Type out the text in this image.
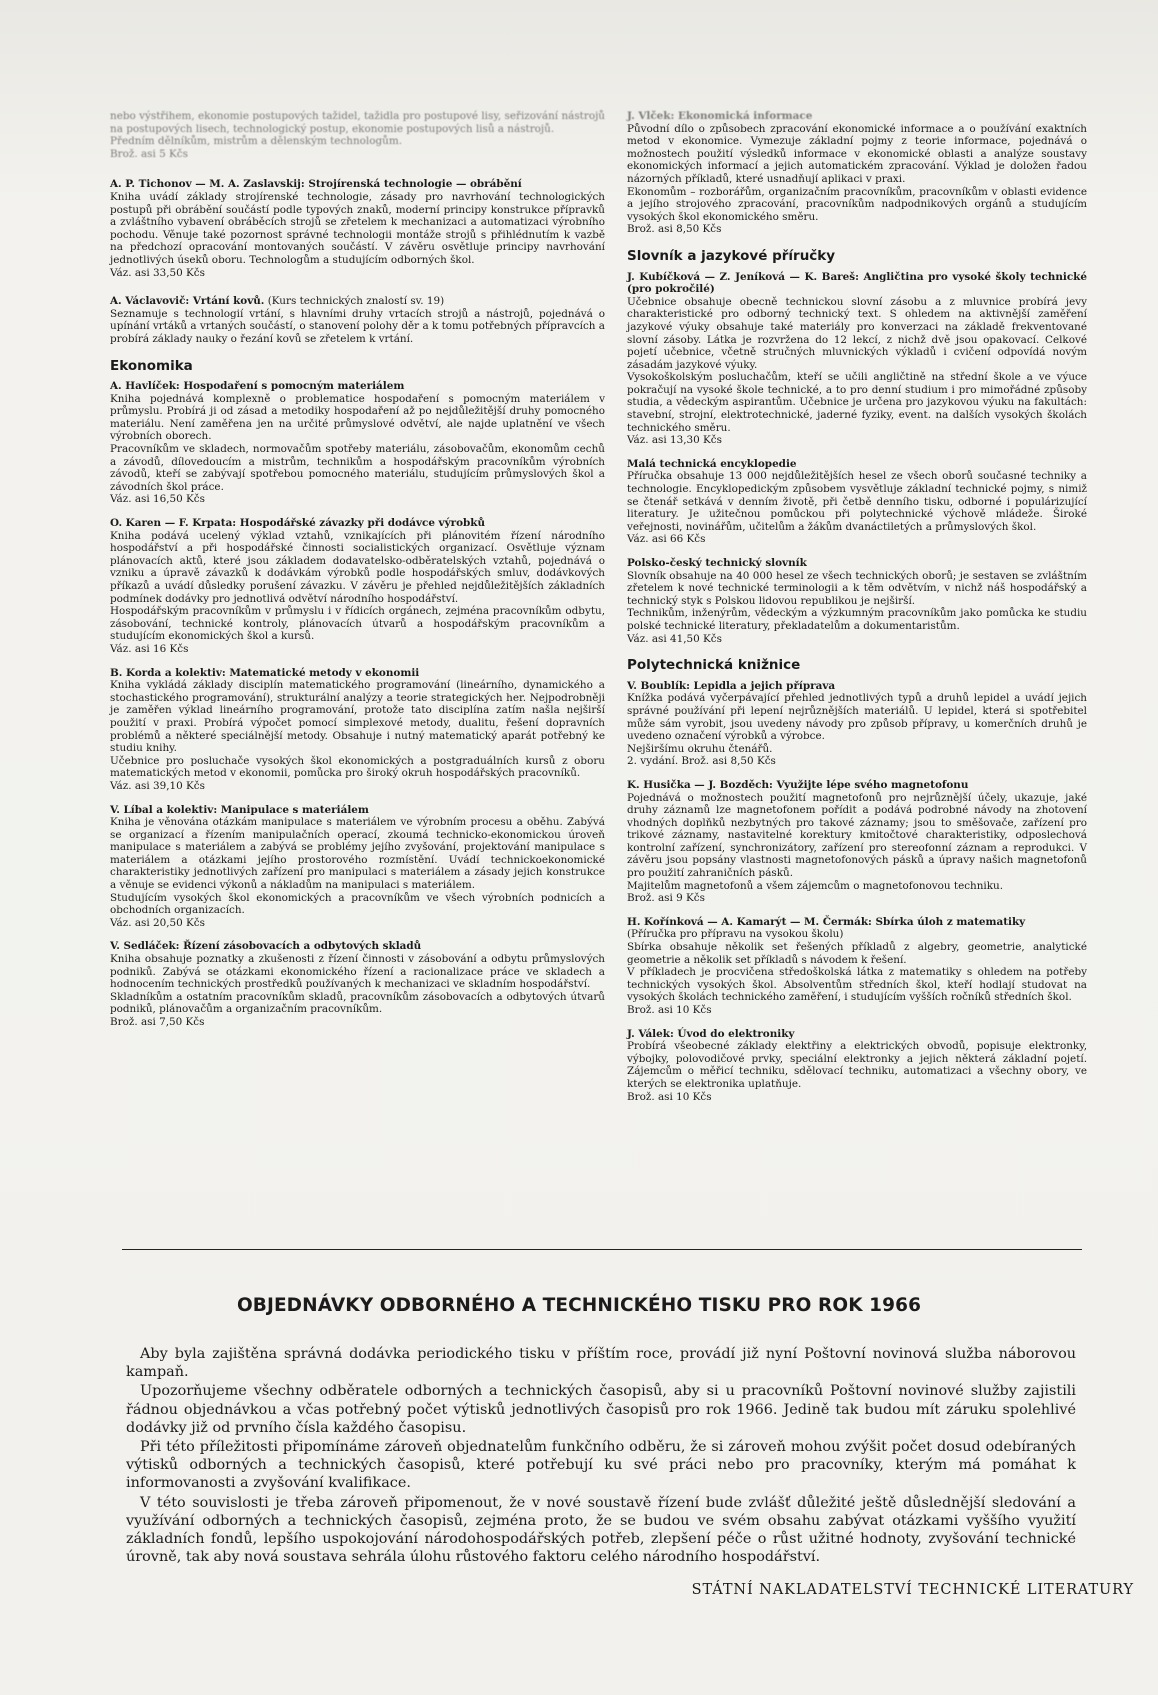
nebo výstřihem, ekonomie postupových tažidel, tažidla pro postupové lisy, seřizování nástrojů na postupových lisech, technologický postup, ekonomie postupových lisů a nástrojů.

Předním dělníkům, mistrům a dělenským technologům.

Brož. asi 5 Kčs

A. P. Tichonov — M. A. Zaslavskij: Strojírenská technologie — obrábění

Kniha uvádí základy strojírenské technologie, zásady pro navrhování technologických postupů při obrábění součástí podle typových znaků, moderní principy konstrukce přípravků a zvláštního vybavení obráběcích strojů se zřetelem k mechanizaci a automatizaci výrobního pochodu. Věnuje také pozornost správné technologii montáže strojů s přihlédnutím k vazbě na předchozí opracování montovaných součástí. V závěru osvětluje principy navrhování jednotlivých úseků oboru. Technologům a studujícím odborných škol.

Váz. asi 33,50 Kčs

A. Václavovič: Vrtání kovů. (Kurs technických znalostí sv. 19)

Seznamuje s technologií vrtání, s hlavními druhy vrtacích strojů a nástrojů, pojednává o upínání vrtáků a vrtaných součástí, o stanovení polohy děr a k tomu potřebných přípravcích a probírá základy nauky o řezání kovů se zřetelem k vrtání.

Ekonomika

A. Havlíček: Hospodaření s pomocným materiálem

Kniha pojednává komplexně o problematice hospodaření s pomocným materiálem v průmyslu. Probírá ji od zásad a metodiky hospodaření až po nejdůležitější druhy pomocného materiálu. Není zaměřena jen na určité průmyslové odvětví, ale najde uplatnění ve všech výrobních oborech.

Pracovníkům ve skladech, normovačům spotřeby materiálu, zásobovačům, ekonomům cechů a závodů, dílovedoucím a mistrům, technikům a hospodářským pracovníkům výrobních závodů, kteří se zabývají spotřebou pomocného materiálu, studujícím průmyslových škol a závodních škol práce.

Váz. asi 16,50 Kčs

O. Karen — F. Krpata: Hospodářské závazky při dodávce výrobků

Kniha podává ucelený výklad vztahů, vznikajících při plánovitém řízení národního hospodářství a při hospodářské činnosti socialistických organizací. Osvětluje význam plánovacích aktů, které jsou základem dodavatelsko-odběratelských vztahů, pojednává o vzniku a úpravě závazků k dodávkám výrobků podle hospodářských smluv, dodávkových příkazů a uvádí důsledky porušení závazku. V závěru je přehled nejdůležitějších základních podmínek dodávky pro jednotlivá odvětví národního hospodářství.

Hospodářským pracovníkům v průmyslu i v řídicích orgánech, zejména pracovníkům odbytu, zásobování, technické kontroly, plánovacích útvarů a hospodářským pracovníkům a studujícím ekonomických škol a kursů.

Váz. asi 16 Kčs

B. Korda a kolektiv: Matematické metody v ekonomii

Kniha vykládá základy disciplín matematického programování (lineárního, dynamického a stochastického programování), strukturální analýzy a teorie strategických her. Nejpodrobněji je zaměřen výklad lineárního programování, protože tato disciplína zatím našla nejširší použití v praxi. Probírá výpočet pomocí simplexové metody, dualitu, řešení dopravních problémů a některé speciálnější metody. Obsahuje i nutný matematický aparát potřebný ke studiu knihy.

Učebnice pro posluchače vysokých škol ekonomických a postgraduálních kursů z oboru matematických metod v ekonomii, pomůcka pro široký okruh hospodářských pracovníků.

Váz. asi 39,10 Kčs

V. Líbal a kolektiv: Manipulace s materiálem

Kniha je věnována otázkám manipulace s materiálem ve výrobním procesu a oběhu. Zabývá se organizací a řízením manipulačních operací, zkoumá technicko-ekonomickou úroveň manipulace s materiálem a zabývá se problémy jejího zvyšování, projektování manipulace s materiálem a otázkami jejího prostorového rozmístění. Uvádí technickoekonomické charakteristiky jednotlivých zařízení pro manipulaci s materiálem a zásady jejich konstrukce a věnuje se evidenci výkonů a nákladům na manipulaci s materiálem.

Studujícím vysokých škol ekonomických a pracovníkům ve všech výrobních podnicích a obchodních organizacích.

Váz. asi 20,50 Kčs

V. Sedláček: Řízení zásobovacích a odbytových skladů

Kniha obsahuje poznatky a zkušenosti z řízení činnosti v zásobování a odbytu průmyslových podniků. Zabývá se otázkami ekonomického řízení a racionalizace práce ve skladech a hodnocením technických prostředků používaných k mechanizaci ve skladním hospodářství.

Skladníkům a ostatním pracovníkům skladů, pracovníkům zásobovacích a odbytových útvarů podniků, plánovačům a organizačním pracovníkům.

Brož. asi 7,50 Kčs

J. Vlček: Ekonomická informace

Původní dílo o způsobech zpracování ekonomické informace a o používání exaktních metod v ekonomice. Vymezuje základní pojmy z teorie informace, pojednává o možnostech použití výsledků informace v ekonomické oblasti a analýze soustavy ekonomických informací a jejich automatickém zpracování. Výklad je doložen řadou názorných příkladů, které usnadňují aplikaci v praxi.

Ekonomům – rozborářům, organizačním pracovníkům, pracovníkům v oblasti evidence a jejího strojového zpracování, pracovníkům nadpodnikových orgánů a studujícím vysokých škol ekonomického směru.

Brož. asi 8,50 Kčs

Slovník a jazykové příručky

J. Kubíčková — Z. Jeníková — K. Bareš: Angličtina pro vysoké školy technické (pro pokročilé)

Učebnice obsahuje obecně technickou slovní zásobu a z mluvnice probírá jevy charakteristické pro odborný technický text. S ohledem na aktivnější zaměření jazykové výuky obsahuje také materiály pro konverzaci na základě frekventované slovní zásoby. Látka je rozvržena do 12 lekcí, z nichž dvě jsou opakovací. Celkové pojetí učebnice, včetně stručných mluvnických výkladů i cvičení odpovídá novým zásadám jazykové výuky.

Vysokoškolským posluchačům, kteří se učili angličtině na střední škole a ve výuce pokračují na vysoké škole technické, a to pro denní studium i pro mimořádné způsoby studia, a vědeckým aspirantům. Učebnice je určena pro jazykovou výuku na fakultách: stavební, strojní, elektrotechnické, jaderné fyziky, event. na dalších vysokých školách technického směru.

Váz. asi 13,30 Kčs

Malá technická encyklopedie

Příručka obsahuje 13 000 nejdůležitějších hesel ze všech oborů současné techniky a technologie. Encyklopedickým způsobem vysvětluje základní technické pojmy, s nimiž se čtenář setkává v denním životě, při četbě denního tisku, odborné i populárizující literatury. Je užitečnou pomůckou při polytechnické výchově mládeže. Široké veřejnosti, novinářům, učitelům a žákům dvanáctiletých a průmyslových škol.

Váz. asi 66 Kčs

Polsko-český technický slovník

Slovník obsahuje na 40 000 hesel ze všech technických oborů; je sestaven se zvláštním zřetelem k nové technické terminologii a k těm odvětvím, v nichž náš hospodářský a technický styk s Polskou lidovou republikou je nejširší.

Technikům, inženýrům, vědeckým a výzkumným pracovníkům jako pomůcka ke studiu polské technické literatury, překladatelům a dokumentaristům.

Váz. asi 41,50 Kčs

Polytechnická knižnice

V. Boublík: Lepidla a jejich příprava

Knížka podává vyčerpávající přehled jednotlivých typů a druhů lepidel a uvádí jejich správné používání při lepení nejrůznějších materiálů. U lepidel, která si spotřebitel může sám vyrobit, jsou uvedeny návody pro způsob přípravy, u komerčních druhů je uvedeno označení výrobků a výrobce.

Nejširšímu okruhu čtenářů.

2. vydání. Brož. asi 8,50 Kčs

K. Husička — J. Bozděch: Využijte lépe svého magnetofonu

Pojednává o možnostech použití magnetofonů pro nejrůznější účely, ukazuje, jaké druhy záznamů lze magnetofonem pořídit a podává podrobné návody na zhotovení vhodných doplňků nezbytných pro takové záznamy; jsou to směšovače, zařízení pro trikové záznamy, nastavitelné korektury kmitočtové charakteristiky, odposlechová kontrolní zařízení, synchronizátory, zařízení pro stereofonní záznam a reprodukci. V závěru jsou popsány vlastnosti magnetofonových pásků a úpravy našich magnetofonů pro použití zahraničních pásků.

Majitelům magnetofonů a všem zájemcům o magnetofonovou techniku.

Brož. asi 9 Kčs

H. Kořínková — A. Kamarýt — M. Čermák: Sbírka úloh z matematiky

(Příručka pro přípravu na vysokou školu)

Sbírka obsahuje několik set řešených příkladů z algebry, geometrie, analytické geometrie a několik set příkladů s návodem k řešení.

V příkladech je procvičena středoškolská látka z matematiky s ohledem na potřeby technických vysokých škol. Absolventům středních škol, kteří hodlají studovat na vysokých školách technického zaměření, i studujícím vyšších ročníků středních škol.

Brož. asi 10 Kčs

J. Válek: Úvod do elektroniky

Probírá všeobecné základy elektřiny a elektrických obvodů, popisuje elektronky, výbojky, polovodičové prvky, speciální elektronky a jejich některá základní pojetí. Zájemcům o měřicí techniku, sdělovací techniku, automatizaci a všechny obory, ve kterých se elektronika uplatňuje.

Brož. asi 10 Kčs

OBJEDNÁVKY ODBORNÉHO A TECHNICKÉHO TISKU PRO ROK 1966

Aby byla zajištěna správná dodávka periodického tisku v příštím roce, provádí již nyní Poštovní novinová služba náborovou kampaň.

Upozorňujeme všechny odběratele odborných a technických časopisů, aby si u pracovníků Poštovní novinové služby zajistili řádnou objednávkou a včas potřebný počet výtisků jednotlivých časopisů pro rok 1966. Jedině tak budou mít záruku spolehlivé dodávky již od prvního čísla každého časopisu.

Při této příležitosti připomínáme zároveň objednatelům funkčního odběru, že si zároveň mohou zvýšit počet dosud odebíraných výtisků odborných a technických časopisů, které potřebují ku své práci nebo pro pracovníky, kterým má pomáhat k informovanosti a zvyšování kvalifikace.

V této souvislosti je třeba zároveň připomenout, že v nové soustavě řízení bude zvlášť důležité ještě důslednější sledování a využívání odborných a technických časopisů, zejména proto, že se budou ve svém obsahu zabývat otázkami vyššího využití základních fondů, lepšího uspokojování národohospodářských potřeb, zlepšení péče o růst užitné hodnoty, zvyšování technické úrovně, tak aby nová soustava sehrála úlohu růstového faktoru celého národního hospodářství.

STÁTNÍ NAKLADATELSTVÍ TECHNICKÉ LITERATURY
